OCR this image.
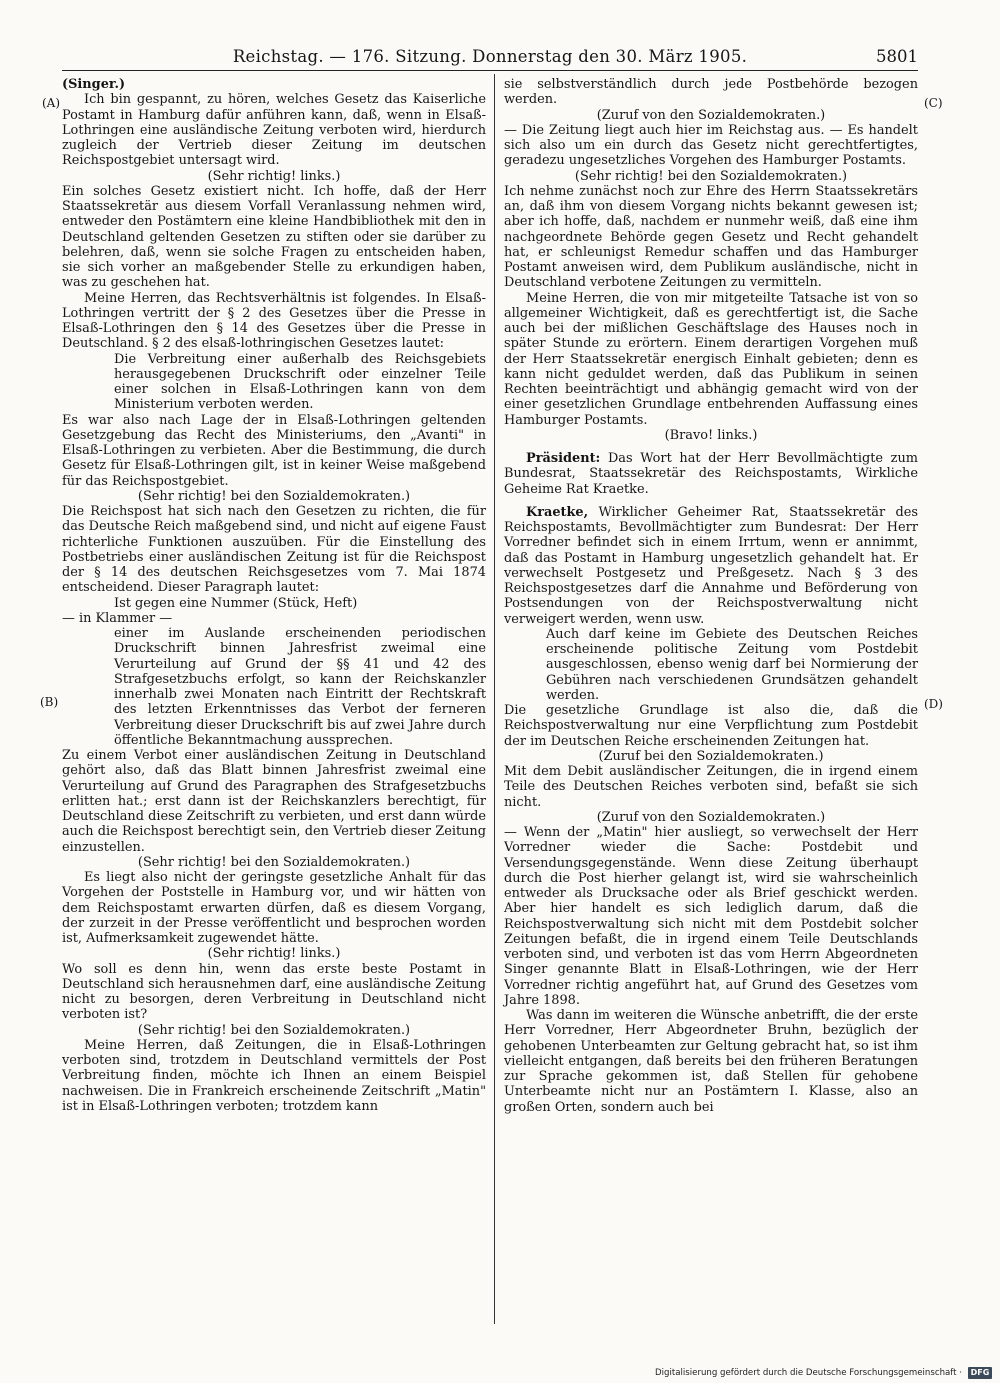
Reichstag. — 176. Sitzung. Donnerstag den 30. März 1905.	5801
(A)
(B)
(C)
(D)

(Singer.)

Ich bin gespannt, zu hören, welches Gesetz das Kaiserliche Postamt in Hamburg dafür anführen kann, daß, wenn in Elsaß-Lothringen eine ausländische Zeitung verboten wird, hierdurch zugleich der Vertrieb dieser Zeitung im deutschen Reichspostgebiet untersagt wird.

(Sehr richtig! links.)

Ein solches Gesetz existiert nicht. Ich hoffe, daß der Herr Staatssekretär aus diesem Vorfall Veranlassung nehmen wird, entweder den Postämtern eine kleine Handbibliothek mit den in Deutschland geltenden Gesetzen zu stiften oder sie darüber zu belehren, daß, wenn sie solche Fragen zu entscheiden haben, sie sich vorher an maßgebender Stelle zu erkundigen haben, was zu geschehen hat.

Meine Herren, das Rechtsverhältnis ist folgendes. In Elsaß-Lothringen vertritt der § 2 des Gesetzes über die Presse in Elsaß-Lothringen den § 14 des Gesetzes über die Presse in Deutschland. § 2 des elsaß-lothringischen Gesetzes lautet:

Die Verbreitung einer außerhalb des Reichsgebiets herausgegebenen Druckschrift oder einzelner Teile einer solchen in Elsaß-Lothringen kann von dem Ministerium verboten werden.

Es war also nach Lage der in Elsaß-Lothringen geltenden Gesetzgebung das Recht des Ministeriums, den „Avanti" in Elsaß-Lothringen zu verbieten. Aber die Bestimmung, die durch Gesetz für Elsaß-Lothringen gilt, ist in keiner Weise maßgebend für das Reichspostgebiet.

(Sehr richtig! bei den Sozialdemokraten.)

Die Reichspost hat sich nach den Gesetzen zu richten, die für das Deutsche Reich maßgebend sind, und nicht auf eigene Faust richterliche Funktionen auszuüben. Für die Einstellung des Postbetriebs einer ausländischen Zeitung ist für die Reichspost der § 14 des deutschen Reichsgesetzes vom 7. Mai 1874 entscheidend. Dieser Paragraph lautet:

Ist gegen eine Nummer (Stück, Heft)

— in Klammer —

einer im Auslande erscheinenden periodischen Druckschrift binnen Jahresfrist zweimal eine Verurteilung auf Grund der §§ 41 und 42 des Strafgesetzbuchs erfolgt, so kann der Reichskanzler innerhalb zwei Monaten nach Eintritt der Rechtskraft des letzten Erkenntnisses das Verbot der ferneren Verbreitung dieser Druckschrift bis auf zwei Jahre durch öffentliche Bekanntmachung aussprechen.

Zu einem Verbot einer ausländischen Zeitung in Deutschland gehört also, daß das Blatt binnen Jahresfrist zweimal eine Verurteilung auf Grund des Paragraphen des Strafgesetzbuchs erlitten hat.; erst dann ist der Reichskanzlers berechtigt, für Deutschland diese Zeitschrift zu verbieten, und erst dann würde auch die Reichspost berechtigt sein, den Vertrieb dieser Zeitung einzustellen.

(Sehr richtig! bei den Sozialdemokraten.)

Es liegt also nicht der geringste gesetzliche Anhalt für das Vorgehen der Poststelle in Hamburg vor, und wir hätten von dem Reichspostamt erwarten dürfen, daß es diesem Vorgang, der zurzeit in der Presse veröffentlicht und besprochen worden ist, Aufmerksamkeit zugewendet hätte.

(Sehr richtig! links.)

Wo soll es denn hin, wenn das erste beste Postamt in Deutschland sich herausnehmen darf, eine ausländische Zeitung nicht zu besorgen, deren Verbreitung in Deutschland nicht verboten ist?

(Sehr richtig! bei den Sozialdemokraten.)

Meine Herren, daß Zeitungen, die in Elsaß-Lothringen verboten sind, trotzdem in Deutschland vermittels der Post Verbreitung finden, möchte ich Ihnen an einem Beispiel nachweisen. Die in Frankreich erscheinende Zeitschrift „Matin" ist in Elsaß-Lothringen verboten; trotzdem kann

sie selbstverständlich durch jede Postbehörde bezogen werden.

(Zuruf von den Sozialdemokraten.)

— Die Zeitung liegt auch hier im Reichstag aus. — Es handelt sich also um ein durch das Gesetz nicht gerechtfertigtes, geradezu ungesetzliches Vorgehen des Hamburger Postamts.

(Sehr richtig! bei den Sozialdemokraten.)

Ich nehme zunächst noch zur Ehre des Herrn Staatssekretärs an, daß ihm von diesem Vorgang nichts bekannt gewesen ist; aber ich hoffe, daß, nachdem er nunmehr weiß, daß eine ihm nachgeordnete Behörde gegen Gesetz und Recht gehandelt hat, er schleunigst Remedur schaffen und das Hamburger Postamt anweisen wird, dem Publikum ausländische, nicht in Deutschland verbotene Zeitungen zu vermitteln.

Meine Herren, die von mir mitgeteilte Tatsache ist von so allgemeiner Wichtigkeit, daß es gerechtfertigt ist, die Sache auch bei der mißlichen Geschäftslage des Hauses noch in später Stunde zu erörtern. Einem derartigen Vorgehen muß der Herr Staatssekretär energisch Einhalt gebieten; denn es kann nicht geduldet werden, daß das Publikum in seinen Rechten beeinträchtigt und abhängig gemacht wird von der einer gesetzlichen Grundlage entbehrenden Auffassung eines Hamburger Postamts.

(Bravo! links.)

Präsident: Das Wort hat der Herr Bevollmächtigte zum Bundesrat, Staatssekretär des Reichspostamts, Wirkliche Geheime Rat Kraetke.

Kraetke, Wirklicher Geheimer Rat, Staatssekretär des Reichspostamts, Bevollmächtigter zum Bundesrat: Der Herr Vorredner befindet sich in einem Irrtum, wenn er annimmt, daß das Postamt in Hamburg ungesetzlich gehandelt hat. Er verwechselt Postgesetz und Preßgesetz. Nach § 3 des Reichspostgesetzes darf die Annahme und Beförderung von Postsendungen von der Reichspostverwaltung nicht verweigert werden, wenn usw.

Auch darf keine im Gebiete des Deutschen Reiches erscheinende politische Zeitung vom Postdebit ausgeschlossen, ebenso wenig darf bei Normierung der Gebühren nach verschiedenen Grundsätzen gehandelt werden.

Die gesetzliche Grundlage ist also die, daß die Reichspostverwaltung nur eine Verpflichtung zum Postdebit der im Deutschen Reiche erscheinenden Zeitungen hat.

(Zuruf bei den Sozialdemokraten.)

Mit dem Debit ausländischer Zeitungen, die in irgend einem Teile des Deutschen Reiches verboten sind, befaßt sie sich nicht.

(Zuruf von den Sozialdemokraten.)

— Wenn der „Matin" hier ausliegt, so verwechselt der Herr Vorredner wieder die Sache: Postdebit und Versendungsgegenstände. Wenn diese Zeitung überhaupt durch die Post hierher gelangt ist, wird sie wahrscheinlich entweder als Drucksache oder als Brief geschickt werden. Aber hier handelt es sich lediglich darum, daß die Reichspostverwaltung sich nicht mit dem Postdebit solcher Zeitungen befaßt, die in irgend einem Teile Deutschlands verboten sind, und verboten ist das vom Herrn Abgeordneten Singer genannte Blatt in Elsaß-Lothringen, wie der Herr Vorredner richtig angeführt hat, auf Grund des Gesetzes vom Jahre 1898.

Was dann im weiteren die Wünsche anbetrifft, die der erste Herr Vorredner, Herr Abgeordneter Bruhn, bezüglich der gehobenen Unterbeamten zur Geltung gebracht hat, so ist ihm vielleicht entgangen, daß bereits bei den früheren Beratungen zur Sprache gekommen ist, daß Stellen für gehobene Unterbeamte nicht nur an Postämtern I. Klasse, also an großen Orten, sondern auch bei

Digitalisierung gefördert durch die Deutsche Forschungsgemeinschaft ·	DFG
